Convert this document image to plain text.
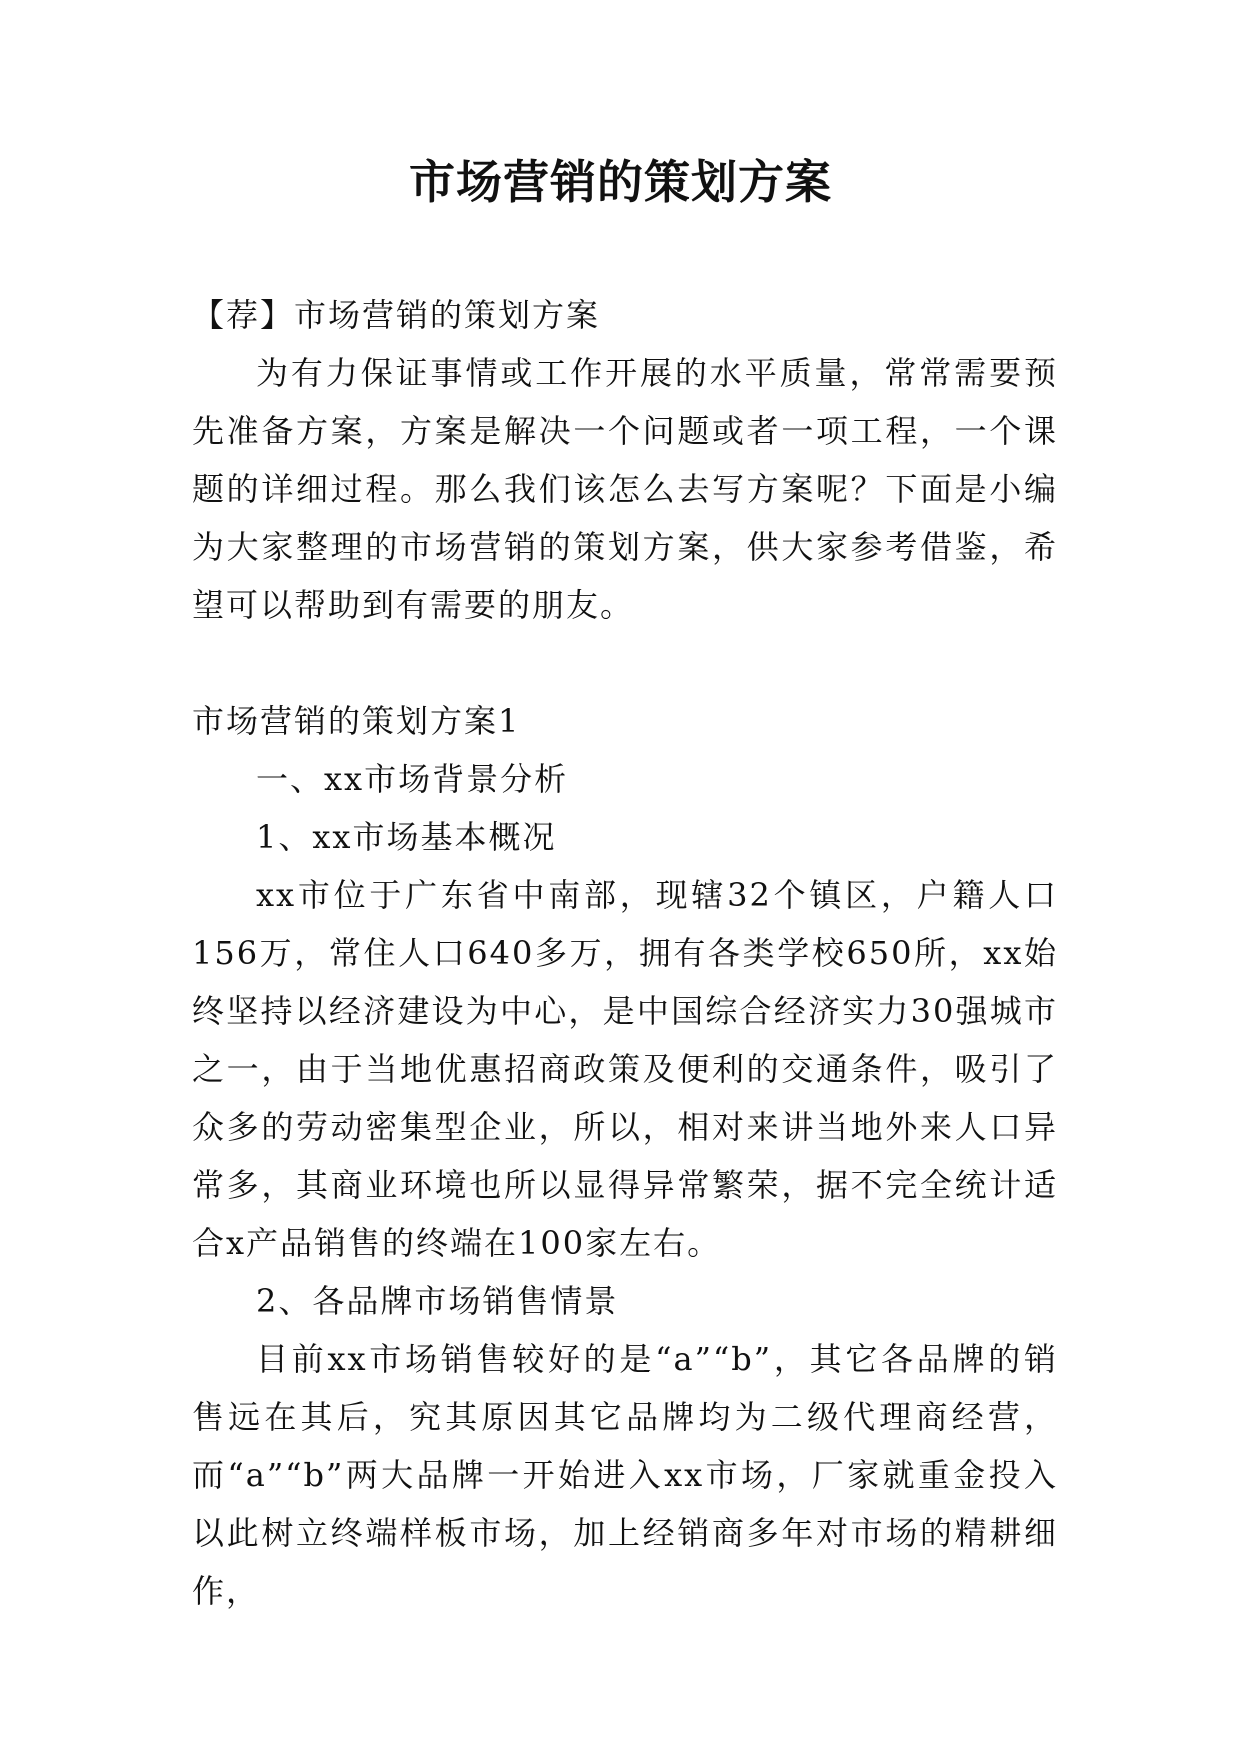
市场营销的策划方案

【荐】市场营销的策划方案

为有力保证事情或工作开展的水平质量，常常需要预先准备方案，方案是解决一个问题或者一项工程，一个课题的详细过程。那么我们该怎么去写方案呢？下面是小编为大家整理的市场营销的策划方案，供大家参考借鉴，希望可以帮助到有需要的朋友。

市场营销的策划方案1

一、xx市场背景分析

1、xx市场基本概况

xx市位于广东省中南部，现辖32个镇区，户籍人口156万，常住人口640多万，拥有各类学校650所，xx始终坚持以经济建设为中心，是中国综合经济实力30强城市之一，由于当地优惠招商政策及便利的交通条件，吸引了众多的劳动密集型企业，所以，相对来讲当地外来人口异常多，其商业环境也所以显得异常繁荣，据不完全统计适合x产品销售的终端在100家左右。

2、各品牌市场销售情景

目前xx市场销售较好的是“a”“b”，其它各品牌的销售远在其后，究其原因其它品牌均为二级代理商经营，而“a”“b”两大品牌一开始进入xx市场，厂家就重金投入以此树立终端样板市场，加上经销商多年对市场的精耕细作，
